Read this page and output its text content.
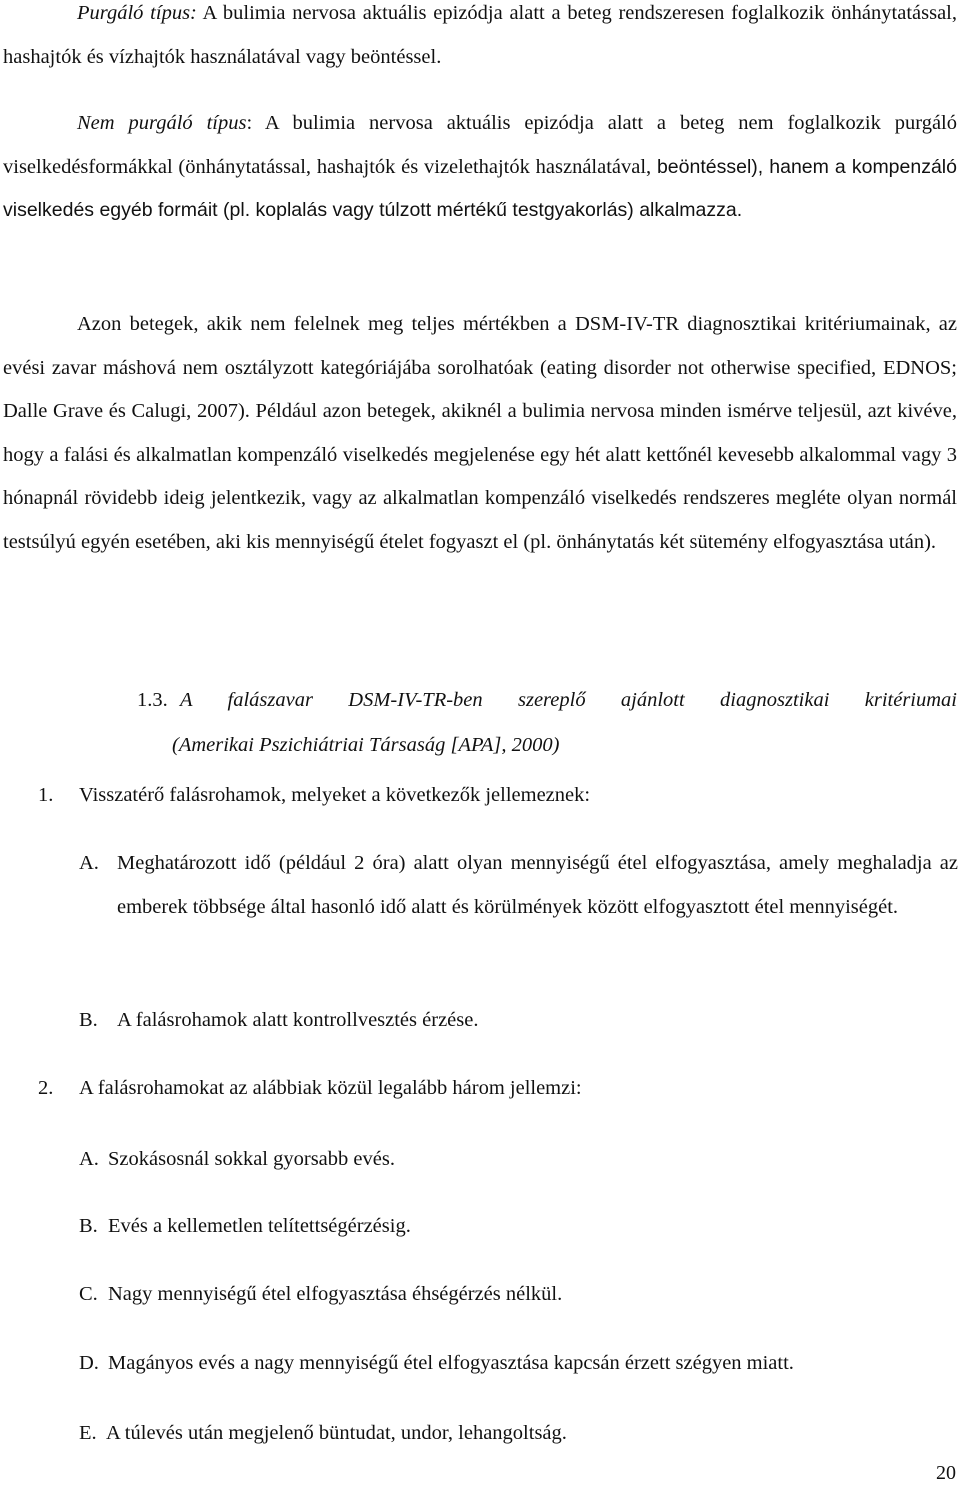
Purgáló típus: A bulimia nervosa aktuális epizódja alatt a beteg rendszeresen foglalkozik önhánytatással, hashajtók és vízhajtók használatával vagy beöntéssel.

Nem purgáló típus: A bulimia nervosa aktuális epizódja alatt a beteg nem foglalkozik purgáló viselkedésformákkal (önhánytatással, hashajtók és vizelethajtók használatával, beöntéssel), hanem a kompenzáló viselkedés egyéb formáit (pl. koplalás vagy túlzott mértékű testgyakorlás) alkalmazza.

Azon betegek, akik nem felelnek meg teljes mértékben a DSM-IV-TR diagnosztikai kritériumainak, az evési zavar máshová nem osztályzott kategóriájába sorolhatóak (eating disorder not otherwise specified, EDNOS; Dalle Grave és Calugi, 2007). Például azon betegek, akiknél a bulimia nervosa minden ismérve teljesül, azt kivéve, hogy a falási és alkalmatlan kompenzáló viselkedés megjelenése egy hét alatt kettőnél kevesebb alkalommal vagy 3 hónapnál rövidebb ideig jelentkezik, vagy az alkalmatlan kompenzáló viselkedés rendszeres megléte olyan normál testsúlyú egyén esetében, aki kis mennyiségű ételet fogyaszt el (pl. önhánytatás két sütemény elfogyasztása után).

1.3. A falászavar DSM-IV-TR-ben szereplő ajánlott diagnosztikai kritériumai
(Amerikai Pszichiátriai Társaság [APA], 2000)
1. Visszatérő falásrohamok, melyeket a következők jellemeznek:
A. Meghatározott idő (például 2 óra) alatt olyan mennyiségű étel elfogyasztása, amely meghaladja az emberek többsége által hasonló idő alatt és körülmények között elfogyasztott étel mennyiségét.
B. A falásrohamok alatt kontrollvesztés érzése.
2. A falásrohamokat az alábbiak közül legalább három jellemzi:
A. Szokásosnál sokkal gyorsabb evés.
B. Evés a kellemetlen telítettségérzésig.
C. Nagy mennyiségű étel elfogyasztása éhségérzés nélkül.
D. Magányos evés a nagy mennyiségű étel elfogyasztása kapcsán érzett szégyen miatt.
E. A túlevés után megjelenő büntudat, undor, lehangoltság.
20
